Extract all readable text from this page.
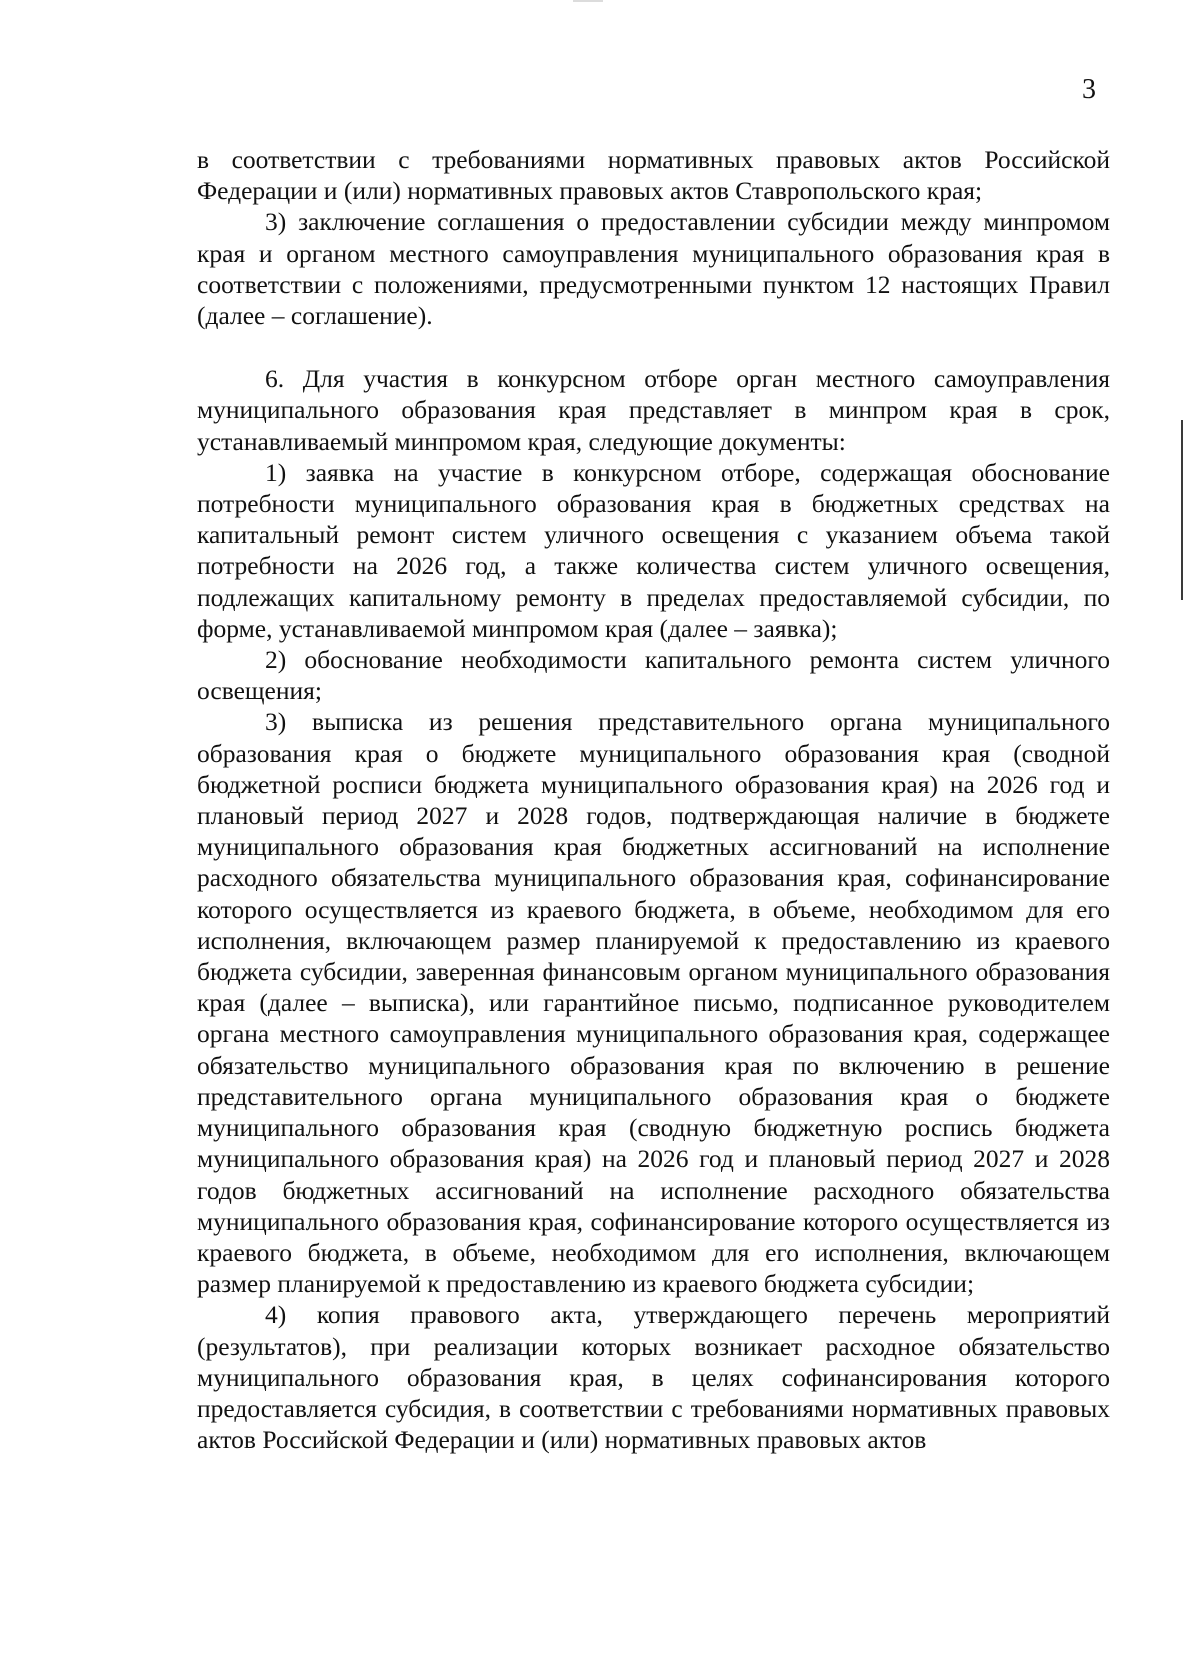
3

в соответствии с требованиями нормативных правовых актов Российской Федерации и (или) нормативных правовых актов Ставропольского края;

3) заключение соглашения о предоставлении субсидии между минпромом края и органом местного самоуправления муниципального образования края в соответствии с положениями, предусмотренными пунктом 12 настоящих Правил (далее – соглашение).

6. Для участия в конкурсном отборе орган местного самоуправления муниципального образования края представляет в минпром края в срок, устанавливаемый минпромом края, следующие документы:

1) заявка на участие в конкурсном отборе, содержащая обоснование потребности муниципального образования края в бюджетных средствах на капитальный ремонт систем уличного освещения с указанием объема такой потребности на 2026 год, а также количества систем уличного освещения, подлежащих капитальному ремонту в пределах предоставляемой субсидии, по форме, устанавливаемой минпромом края (далее – заявка);

2) обоснование необходимости капитального ремонта систем уличного освещения;

3) выписка из решения представительного органа муниципального образования края о бюджете муниципального образования края (сводной бюджетной росписи бюджета муниципального образования края) на 2026 год и плановый период 2027 и 2028 годов, подтверждающая наличие в бюджете муниципального образования края бюджетных ассигнований на исполнение расходного обязательства муниципального образования края, софинансирование которого осуществляется из краевого бюджета, в объеме, необходимом для его исполнения, включающем размер планируемой к предоставлению из краевого бюджета субсидии, заверенная финансовым органом муниципального образования края (далее – выписка), или гарантийное письмо, подписанное руководителем органа местного самоуправления муниципального образования края, содержащее обязательство муниципального образования края по включению в решение представительного органа муниципального образования края о бюджете муниципального образования края (сводную бюджетную роспись бюджета муниципального образования края) на 2026 год и плановый период 2027 и 2028 годов бюджетных ассигнований на исполнение расходного обязательства муниципального образования края, софинансирование которого осуществляется из краевого бюджета, в объеме, необходимом для его исполнения, включающем размер планируемой к предоставлению из краевого бюджета субсидии;

4) копия правового акта, утверждающего перечень мероприятий (результатов), при реализации которых возникает расходное обязательство муниципального образования края, в целях софинансирования которого предоставляется субсидия, в соответствии с требованиями нормативных правовых актов Российской Федерации и (или) нормативных правовых актов
